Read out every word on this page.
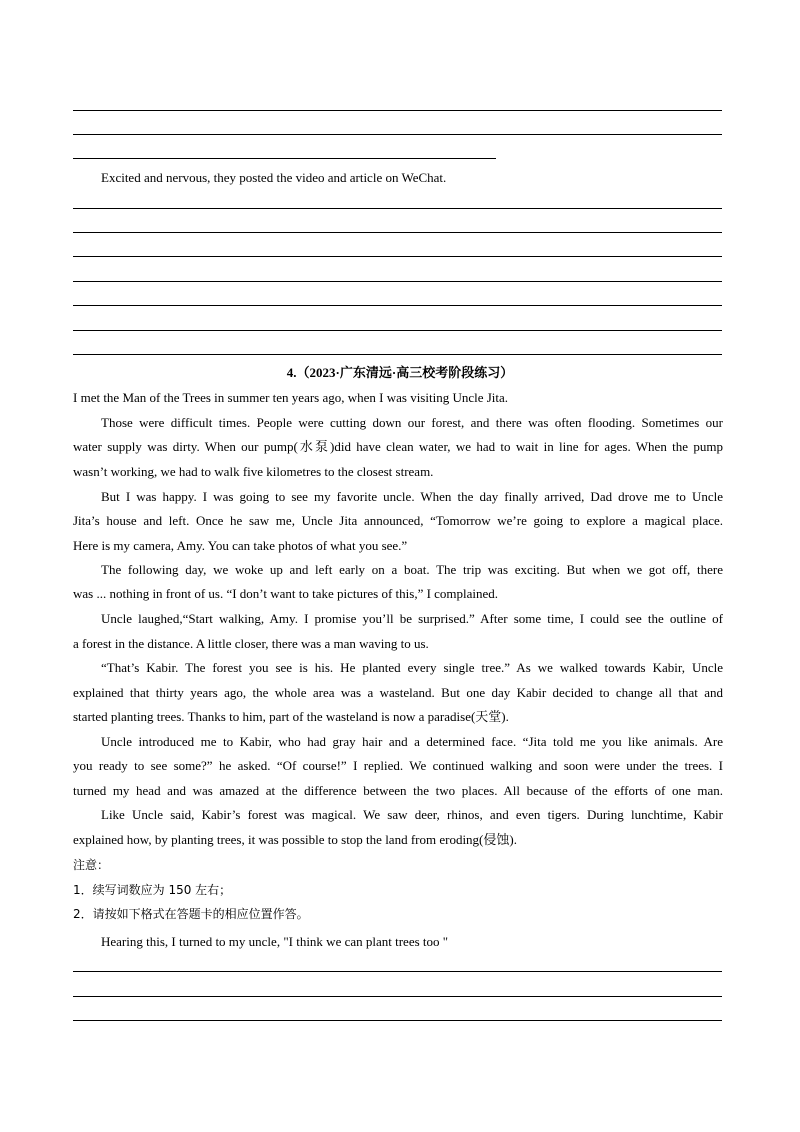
Excited and nervous, they posted the video and article on WeChat.
4.（2023·广东清远·高三校考阶段练习）
I met the Man of the Trees in summer ten years ago, when I was visiting Uncle Jita.
Those were difficult times. People were cutting down our forest, and there was often flooding. Sometimes our
water supply was dirty. When our pump(水泵)did have clean water, we had to wait in line for ages. When the pump
wasn’t working, we had to walk five kilometres to the closest stream.
But I was happy. I was going to see my favorite uncle. When the day finally arrived, Dad drove me to Uncle
Jita’s house and left. Once he saw me, Uncle Jita announced, “Tomorrow we’re going to explore a magical place.
Here is my camera, Amy. You can take photos of what you see.”
The following day, we woke up and left early on a boat. The trip was exciting. But when we got off, there
was ... nothing in front of us. “I don’t want to take pictures of this,” I complained.
Uncle laughed,“Start walking, Amy. I promise you’ll be surprised.” After some time, I could see the outline of
a forest in the distance. A little closer, there was a man waving to us.
“That’s Kabir. The forest you see is his. He planted every single tree.” As we walked towards Kabir, Uncle
explained that thirty years ago, the whole area was a wasteland. But one day Kabir decided to change all that and
started planting trees. Thanks to him, part of the wasteland is now a paradise(天堂).
Uncle introduced me to Kabir, who had gray hair and a determined face. “Jita told me you like animals. Are
you ready to see some?” he asked. “Of course!” I replied. We continued walking and soon were under the trees. I
turned my head and was amazed at the difference between the two places. All because of the efforts of one man.
Like Uncle said, Kabir’s forest was magical. We saw deer, rhinos, and even tigers. During lunchtime, Kabir
explained how, by planting trees, it was possible to stop the land from eroding(侵蚀).
注意：
1．续写词数应为 150 左右；
2．请按如下格式在答题卡的相应位置作答。
Hearing this, I turned to my uncle, "I think we can plant trees too "
